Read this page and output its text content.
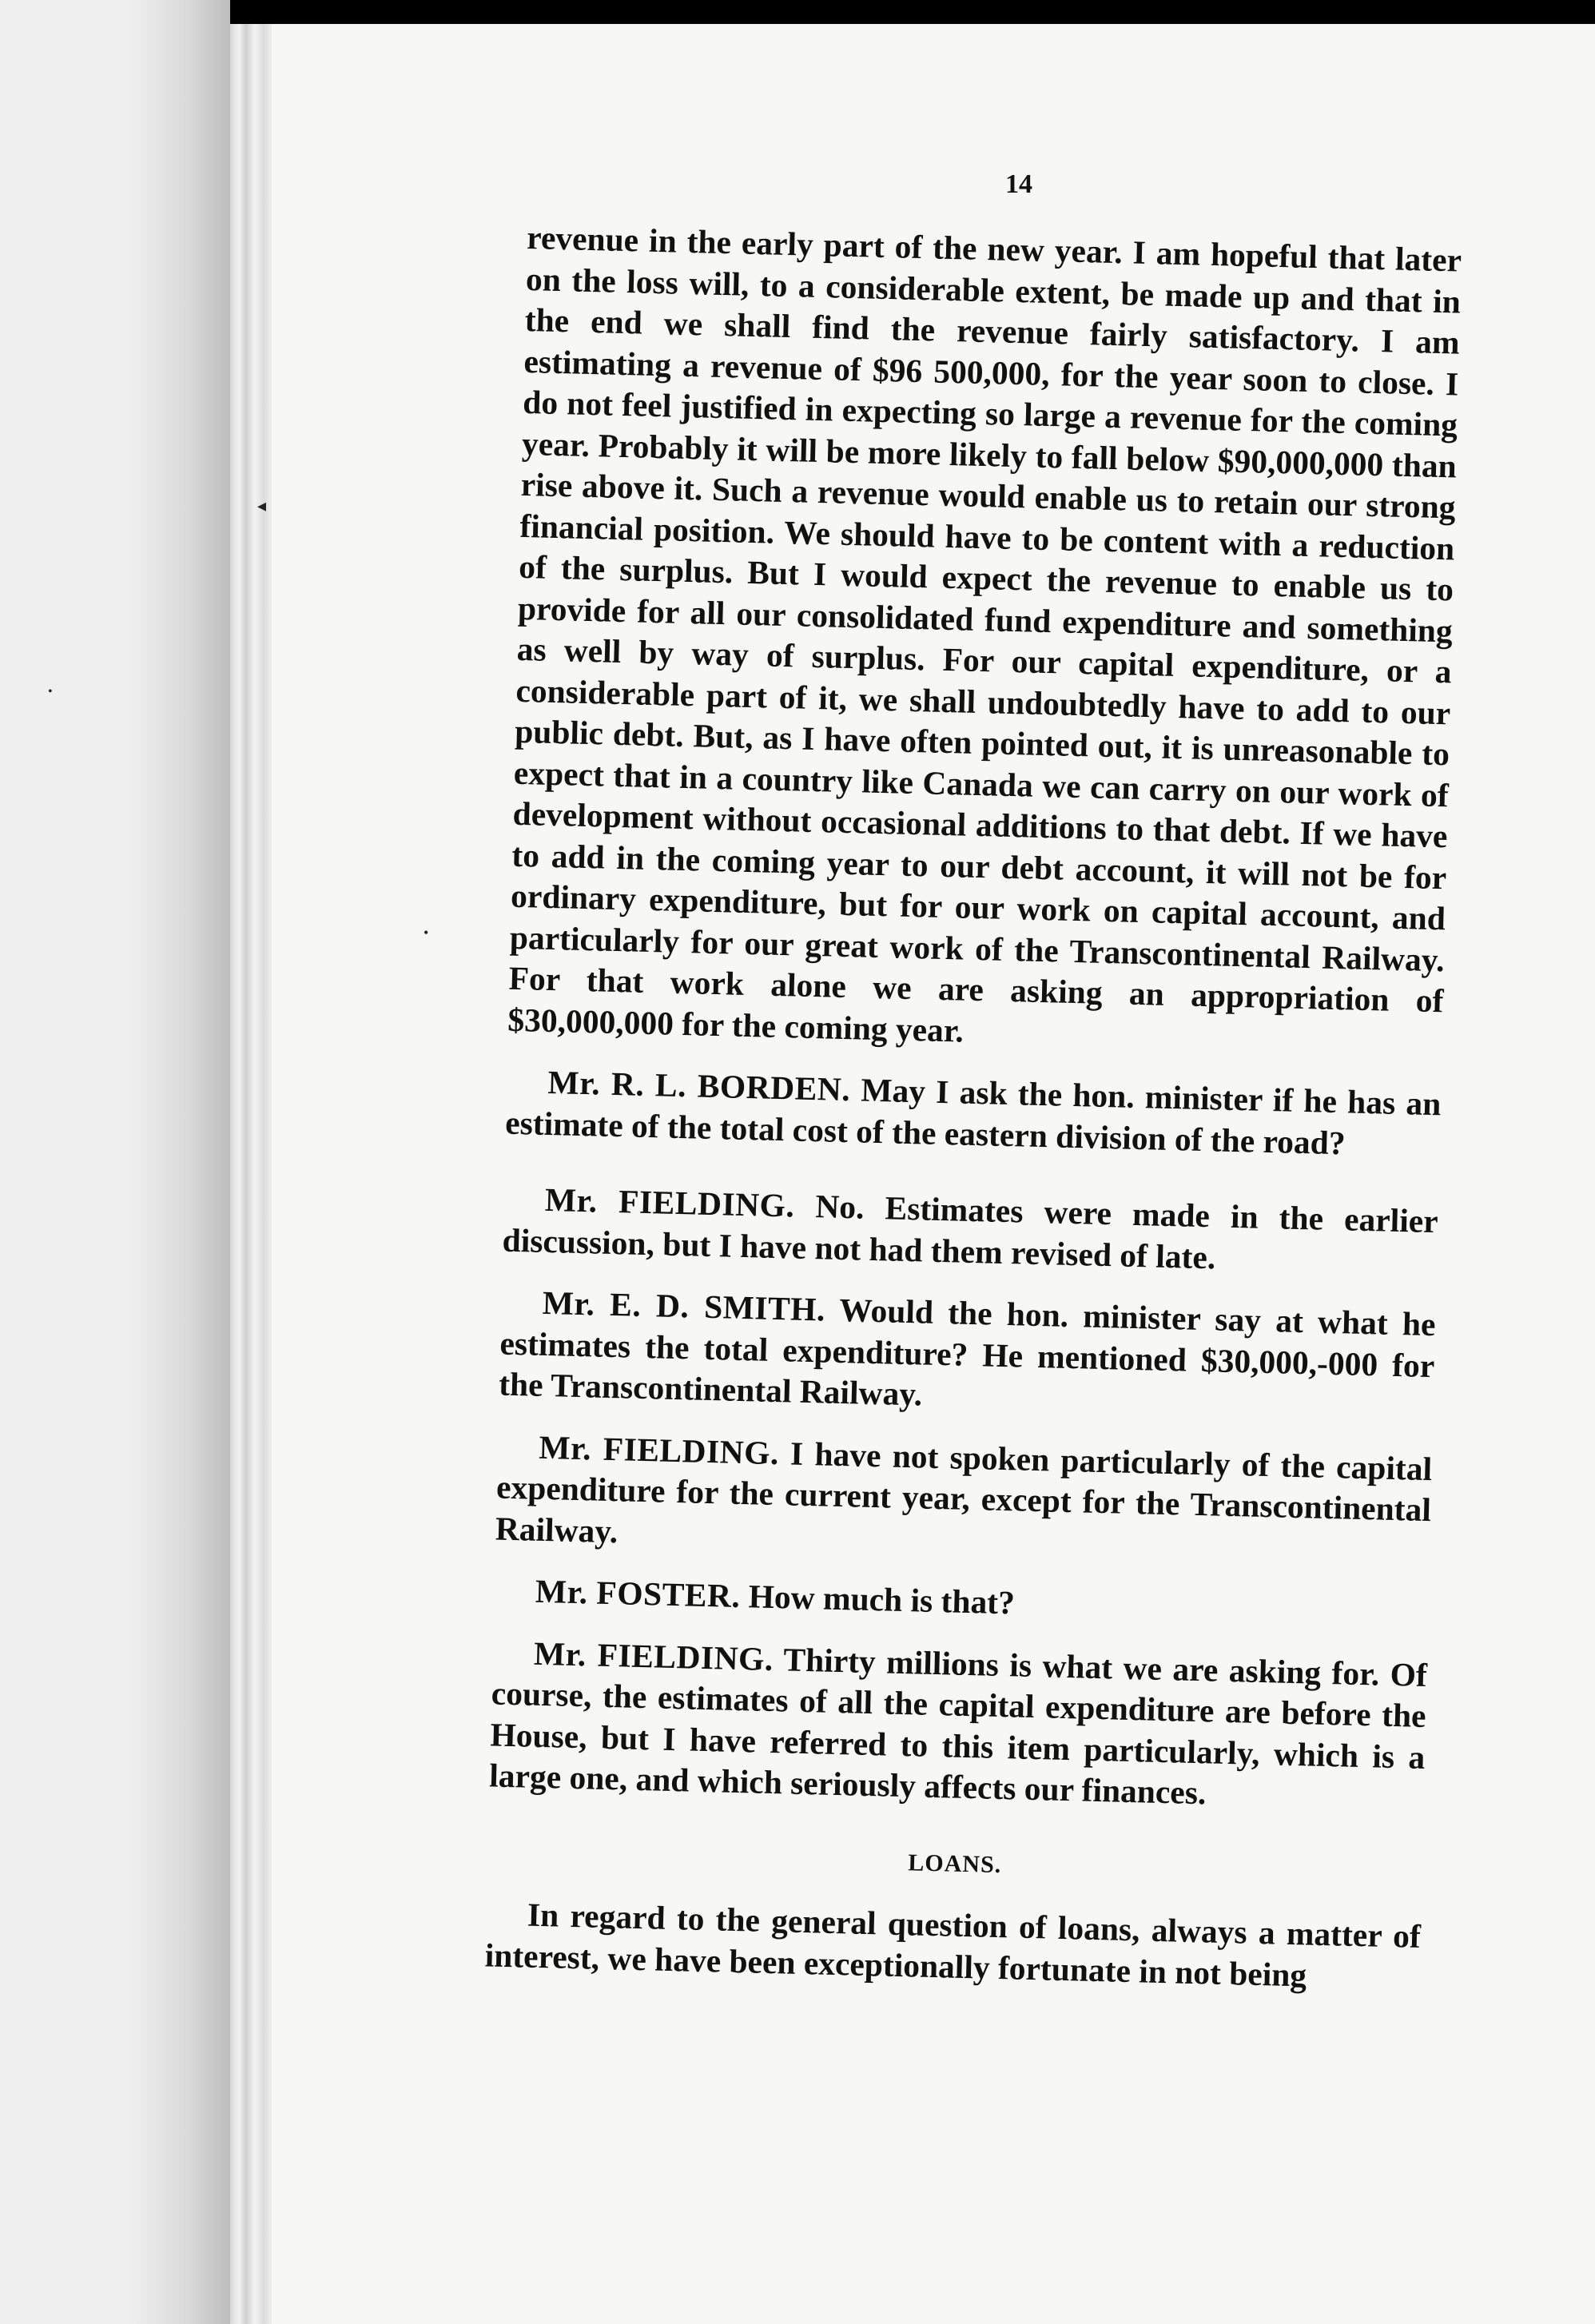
◂
•
•
14

revenue in the early part of the new year. I am hopeful that later on the loss will, to a considerable extent, be made up and that in the end we shall find the revenue fairly satisfactory. I am estimating a revenue of $96 500,000, for the year soon to close. I do not feel justified in expecting so large a revenue for the coming year. Probably it will be more likely to fall below $90,000,000 than rise above it. Such a revenue would enable us to retain our strong financial position. We should have to be content with a reduction of the surplus. But I would expect the revenue to enable us to provide for all our consolidated fund expenditure and something as well by way of surplus. For our capital expenditure, or a considerable part of it, we shall undoubtedly have to add to our public debt. But, as I have often pointed out, it is unreasonable to expect that in a country like Canada we can carry on our work of development without occasional additions to that debt. If we have to add in the coming year to our debt account, it will not be for ordinary expenditure, but for our work on capital account, and particularly for our great work of the Transcontinental Railway. For that work alone we are asking an appropriation of $30,000,000 for the coming year.

Mr. R. L. BORDEN. May I ask the hon. minister if he has an estimate of the total cost of the eastern division of the road?

Mr. FIELDING. No. Estimates were made in the earlier discussion, but I have not had them revised of late.

Mr. E. D. SMITH. Would the hon. minister say at what he estimates the total expenditure? He mentioned $30,000,-000 for the Transcontinental Railway.

Mr. FIELDING. I have not spoken particularly of the capital expenditure for the current year, except for the Transcontinental Railway.

Mr. FOSTER. How much is that?

Mr. FIELDING. Thirty millions is what we are asking for. Of course, the estimates of all the capital expenditure are before the House, but I have referred to this item particularly, which is a large one, and which seriously affects our finances.

LOANS.

In regard to the general question of loans, always a matter of interest, we have been exceptionally fortunate in not being
